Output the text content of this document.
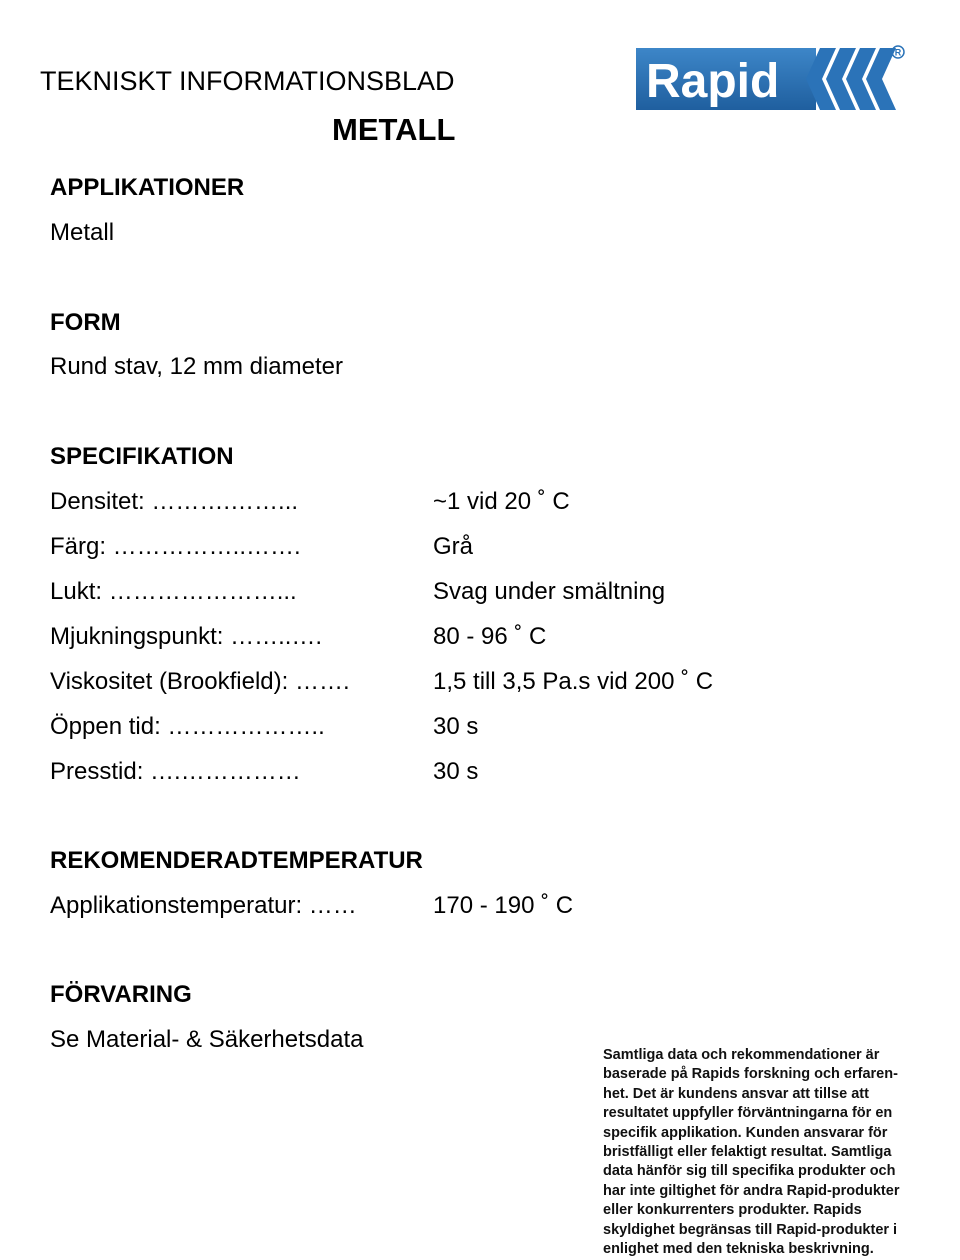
TEKNISKT INFORMATIONSBLAD
METALL
Rapid
R
APPLIKATIONER
Metall
FORM
Rund stav, 12 mm diameter
SPECIFIKATION
Densitet: ……….……...	~1 vid 20 ˚ C
Färg: ……………..…….	Grå
Lukt: …………………...	Svag under smältning
Mjukningspunkt: ……..….	80 - 96 ˚ C
Viskositet (Brookfield): …….	1,5 till 3,5 Pa.s vid 200 ˚ C
Öppen tid: ………………..	30 s
Presstid: ….……………	30 s
REKOMENDERADTEMPERATUR
Applikationstemperatur: ……	170 - 190 ˚ C
FÖRVARING
Se Material- & Säkerhetsdata
Samtliga data och rekommendationer är
baserade på Rapids forskning och erfaren-
het. Det är kundens ansvar att tillse att
resultatet uppfyller förväntningarna för en
specifik applikation. Kunden ansvarar för
bristfälligt eller felaktigt resultat. Samtliga
data hänför sig till specifika produkter och
har inte giltighet för andra Rapid-produkter
eller konkurrenters produkter. Rapids
skyldighet begränsas till Rapid-produkter i
enlighet med den tekniska beskrivning.
